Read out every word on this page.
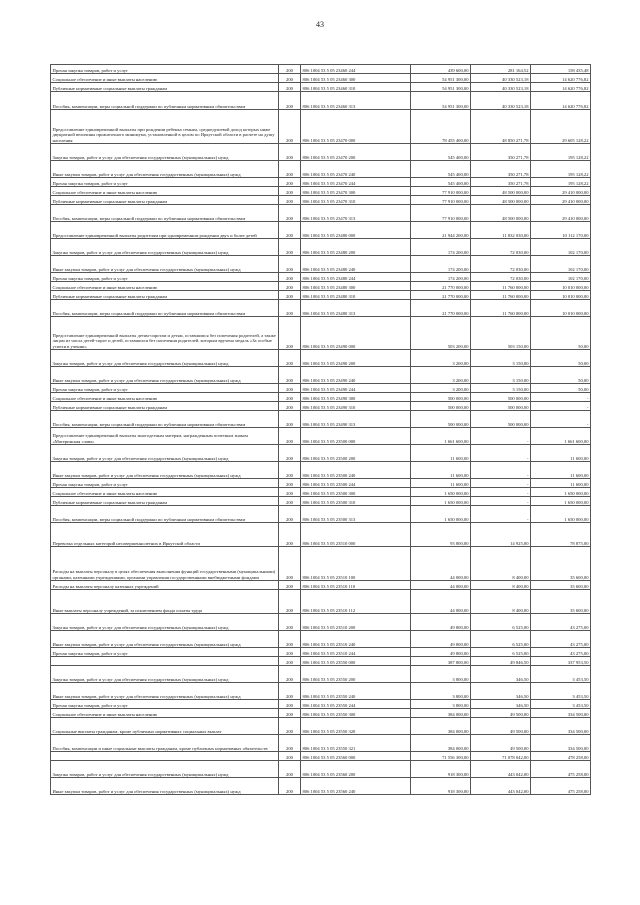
43
Прочая закупка товаров, работ и услуг	200	806 1004 53 5 05 23460 244	439 600,00	281 164,52	158 435,48
Социальное обеспечение и иные выплаты населению	200	806 1004 53 5 05 23460 300	54 951 300,00	40 330 523,18	14 620 776,82
Публичные нормативные социальные выплаты гражданам	200	806 1004 53 5 05 23460 310	54 951 300,00	40 330 523,18	14 620 776,82
Пособия, компенсации, меры социальной поддержки по публичным нормативным обязательствам	200	806 1004 53 5 05 23460 313	54 951 300,00	40 330 523,18	14 620 776,82
Предоставление единовременной выплаты при рождении ребенка семьям, среднедушевой доход которых ниже двукратной величины прожиточного минимума, установленной в целом по Иркутской области в расчете на душу населения	200	806 1004 53 5 05 23470 000	78 455 400,00	48 850 271,78	29 605 128,22
Закупка товаров, работ и услуг для обеспечения государственных (муниципальных) нужд	200	806 1004 53 5 05 23470 200	545 400,00	350 271,78	195 128,22
Иные закупки товаров, работ и услуг для обеспечения государственных (муниципальных) нужд	200	806 1004 53 5 05 23470 240	545 400,00	350 271,78	195 128,22
Прочая закупка товаров, работ и услуг	200	806 1004 53 5 05 23470 244	545 400,00	350 271,78	195 128,22
Социальное обеспечение и иные выплаты населению	200	806 1004 53 5 05 23470 300	77 910 000,00	48 500 000,00	29 410 000,00
Публичные нормативные социальные выплаты гражданам	200	806 1004 53 5 05 23470 310	77 910 000,00	48 500 000,00	29 410 000,00
Пособия, компенсации, меры социальной поддержки по публичным нормативным обязательствам	200	806 1004 53 5 05 23470 313	77 910 000,00	48 500 000,00	29 410 000,00
Предоставление единовременной выплаты родителям при одновременном рождении двух и более детей	200	806 1004 53 5 05 23480 000	21 944 200,00	11 832 030,00	10 112 170,00
Закупка товаров, работ и услуг для обеспечения государственных (муниципальных) нужд	200	806 1004 53 5 05 23480 200	174 200,00	72 030,00	102 170,00
Иные закупки товаров, работ и услуг для обеспечения государственных (муниципальных) нужд	200	806 1004 53 5 05 23480 240	174 200,00	72 030,00	102 170,00
Прочая закупка товаров, работ и услуг	200	806 1004 53 5 05 23480 244	174 200,00	72 030,00	102 170,00
Социальное обеспечение и иные выплаты населению	200	806 1004 53 5 05 23480 300	21 770 000,00	11 760 000,00	10 010 000,00
Публичные нормативные социальные выплаты гражданам	200	806 1004 53 5 05 23480 310	21 770 000,00	11 760 000,00	10 010 000,00
Пособия, компенсации, меры социальной поддержки по публичным нормативным обязательствам	200	806 1004 53 5 05 23480 313	21 770 000,00	11 760 000,00	10 010 000,00
Предоставление единовременной выплаты детям-сиротам и детям, оставшимся без попечения родителей, а также лицам из числа детей-сирот и детей, оставшихся без попечения родителей, которым вручена медаль «За особые успехи в учении»	200	806 1004 53 5 05 23490 000	503 200,00	503 150,00	50,00
Закупка товаров, работ и услуг для обеспечения государственных (муниципальных) нужд	200	806 1004 53 5 05 23490 200	3 200,00	3 150,00	50,00
Иные закупки товаров, работ и услуг для обеспечения государственных (муниципальных) нужд	200	806 1004 53 5 05 23490 240	3 200,00	3 150,00	50,00
Прочая закупка товаров, работ и услуг	200	806 1004 53 5 05 23490 244	3 200,00	3 150,00	50,00
Социальное обеспечение и иные выплаты населению	200	806 1004 53 5 05 23490 300	500 000,00	500 000,00	-
Публичные нормативные социальные выплаты гражданам	200	806 1004 53 5 05 23490 310	500 000,00	500 000,00	-
Пособия, компенсации, меры социальной поддержки по публичным нормативным обязательствам	200	806 1004 53 5 05 23490 313	500 000,00	500 000,00	-
Предоставление единовременной выплаты многодетным матерям, награжденным почетным знаком «Материнская слава»	200	806 1004 53 5 05 23500 000	1 661 600,00	-	1 661 600,00
Закупка товаров, работ и услуг для обеспечения государственных (муниципальных) нужд	200	806 1004 53 5 05 23500 200	11 600,00	-	11 600,00
Иные закупки товаров, работ и услуг для обеспечения государственных (муниципальных) нужд	200	806 1004 53 5 05 23500 240	11 600,00	-	11 600,00
Прочая закупка товаров, работ и услуг	200	806 1004 53 5 05 23500 244	11 600,00	-	11 600,00
Социальное обеспечение и иные выплаты населению	200	806 1004 53 5 05 23500 300	1 650 000,00	-	1 650 000,00
Публичные нормативные социальные выплаты гражданам	200	806 1004 53 5 05 23500 310	1 650 000,00	-	1 650 000,00
Пособия, компенсации, меры социальной поддержки по публичным нормативным обязательствам	200	806 1004 53 5 05 23500 313	1 650 000,00	-	1 650 000,00
Перевозка отдельных категорий несовершеннолетних в Иркутской области	200	806 1004 53 5 05 23510 000	93 800,00	14 925,00	78 875,00
Расходы на выплаты персоналу в целях обеспечения выполнения функций государственными (муниципальными) органами, казенными учреждениями, органами управления государственными внебюджетными фондами	200	806 1004 53 5 05 23510 100	44 000,00	8 400,00	35 600,00
Расходы на выплаты персоналу казенных учреждений	200	806 1004 53 5 05 23510 110	44 000,00	8 400,00	35 600,00
Иные выплаты персоналу учреждений, за исключением фонда оплаты труда	200	806 1004 53 5 05 23510 112	44 000,00	8 400,00	35 600,00
Закупка товаров, работ и услуг для обеспечения государственных (муниципальных) нужд	200	806 1004 53 5 05 23510 200	49 800,00	6 525,00	43 275,00
Иные закупки товаров, работ и услуг для обеспечения государственных (муниципальных) нужд	200	806 1004 53 5 05 23510 240	49 800,00	6 525,00	43 275,00
Прочая закупка товаров, работ и услуг	200	806 1004 53 5 05 23510 244	49 800,00	6 525,00	43 275,00
	200	806 1004 53 5 05 23550 000	387 800,00	49 846,50	337 953,50
Закупка товаров, работ и услуг для обеспечения государственных (муниципальных) нужд	200	806 1004 53 5 05 23550 200	3 800,00	346,50	3 453,50
Иные закупки товаров, работ и услуг для обеспечения государственных (муниципальных) нужд	200	806 1004 53 5 05 23550 240	3 800,00	346,50	3 453,50
Прочая закупка товаров, работ и услуг	200	806 1004 53 5 05 23550 244	3 800,00	346,50	3 453,50
Социальное обеспечение и иные выплаты населению	200	806 1004 53 5 05 23550 300	384 000,00	49 500,00	334 500,00
Социальные выплаты гражданам, кроме публичных нормативных социальных выплат	200	806 1004 53 5 05 23550 320	384 000,00	49 500,00	334 500,00
Пособия, компенсации и иные социальные выплаты гражданам, кроме публичных нормативных обязательств	200	806 1004 53 5 05 23550 321	384 000,00	49 500,00	334 500,00
	200	806 1004 53 5 05 23560 000	71 556 300,00	71 078 042,00	478 258,00
Закупка товаров, работ и услуг для обеспечения государственных (муниципальных) нужд	200	806 1004 53 5 05 23560 200	918 300,00	443 042,00	475 258,00
Иные закупки товаров, работ и услуг для обеспечения государственных (муниципальных) нужд	200	806 1004 53 5 05 23560 240	918 300,00	443 042,00	475 258,00
